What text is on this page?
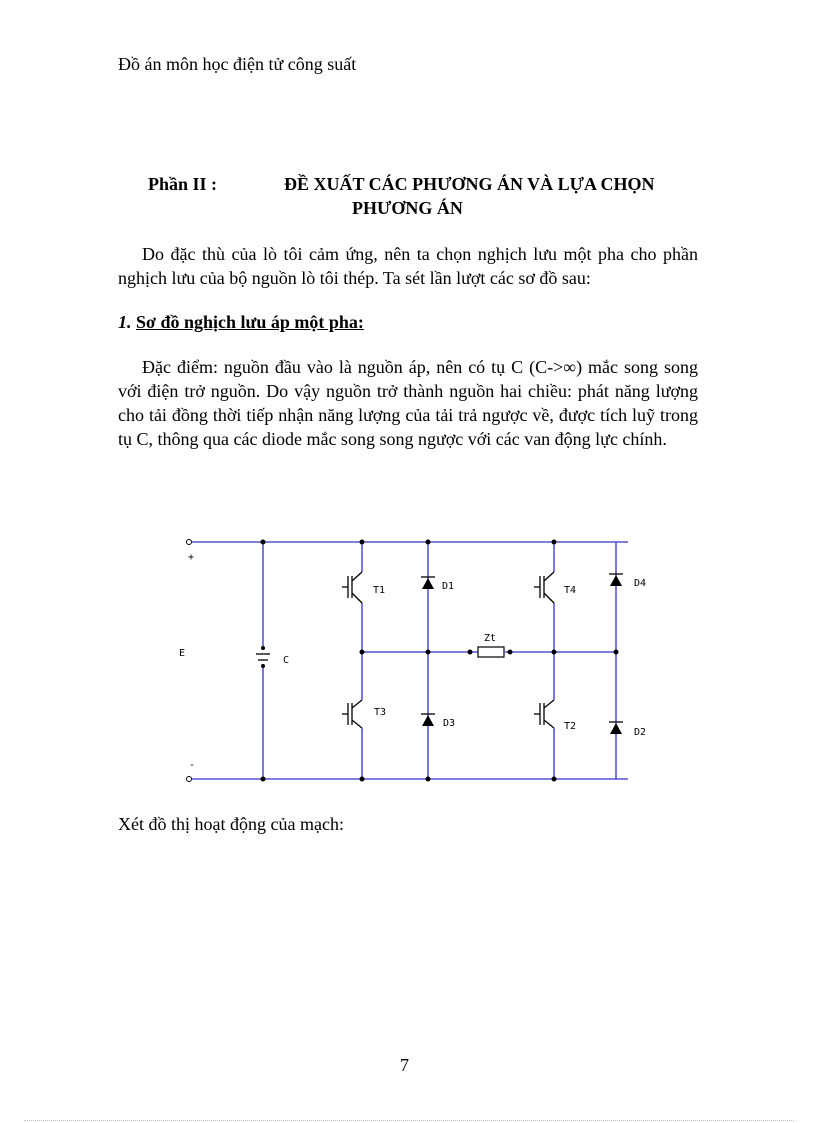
Đồ án môn học điện tử công suất
Phần II :	ĐỀ XUẤT CÁC PHƯƠNG ÁN VÀ LỰA CHỌN
PHƯƠNG ÁN

Do đặc thù của lò tôi cảm ứng, nên ta chọn nghịch lưu một pha cho phần nghịch lưu của bộ nguồn lò tôi thép. Ta sét lần lượt các sơ đồ sau:

1. Sơ đồ nghịch lưu áp một pha:

Đặc điểm: nguồn đầu vào là nguồn áp, nên có tụ C (C->∞) mắc song song với điện trở nguồn. Do vậy nguồn trở thành nguồn hai chiều: phát năng lượng cho tải đồng thời tiếp nhận năng lượng của tải trả ngược về, được tích luỹ trong tụ C, thông qua các diode mắc song song ngược với các van động lực chính.

+
-
E
C
Zt
T1
T3
T4
T2
D1
D3
D4
D2
Xét đồ thị hoạt động của mạch:
7
